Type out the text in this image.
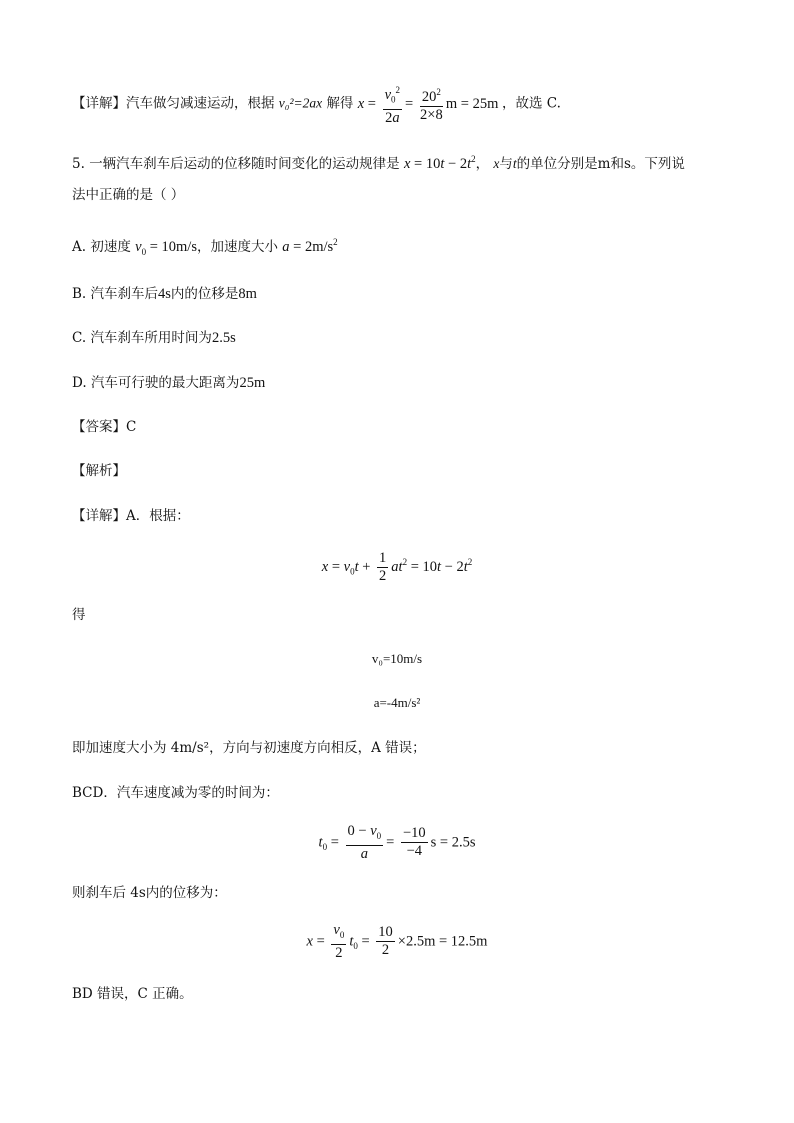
【详解】汽车做匀减速运动，根据 v₀²=2ax 解得 $x = \frac{v_0^2}{2a} = \frac{20^2}{2\times 8}$ m = 25m ，故选 C.
5. 一辆汽车刹车后运动的位移随时间变化的运动规律是 $x = 10t - 2t^2$， x与t的单位分别是m和s。下列说
法中正确的是（ ）
A. 初速度 $v_0 = 10m/s$，加速度大小 $a = 2m/s^2$
B. 汽车刹车后4s内的位移是8m
C. 汽车刹车所用时间为2.5s
D. 汽车可行驶的最大距离为25m
【答案】C
【解析】
【详解】A．根据：
$x = v_0t + \frac{1}{2} at^2 = 10t - 2t^2$
得
v₀=10m/s
a=-4m/s²
即加速度大小为 4m/s²，方向与初速度方向相反，A 错误；
BCD．汽车速度减为零的时间为：
$t_0 = \frac{0 - v_0}{a} = \frac{-10}{-4}$ s = 2.5s
则刹车后 4s内的位移为：
$x = \frac{v_0}{2} t_0 = \frac{10}{2} \times 2.5m = 12.5m$
BD 错误，C 正确。
